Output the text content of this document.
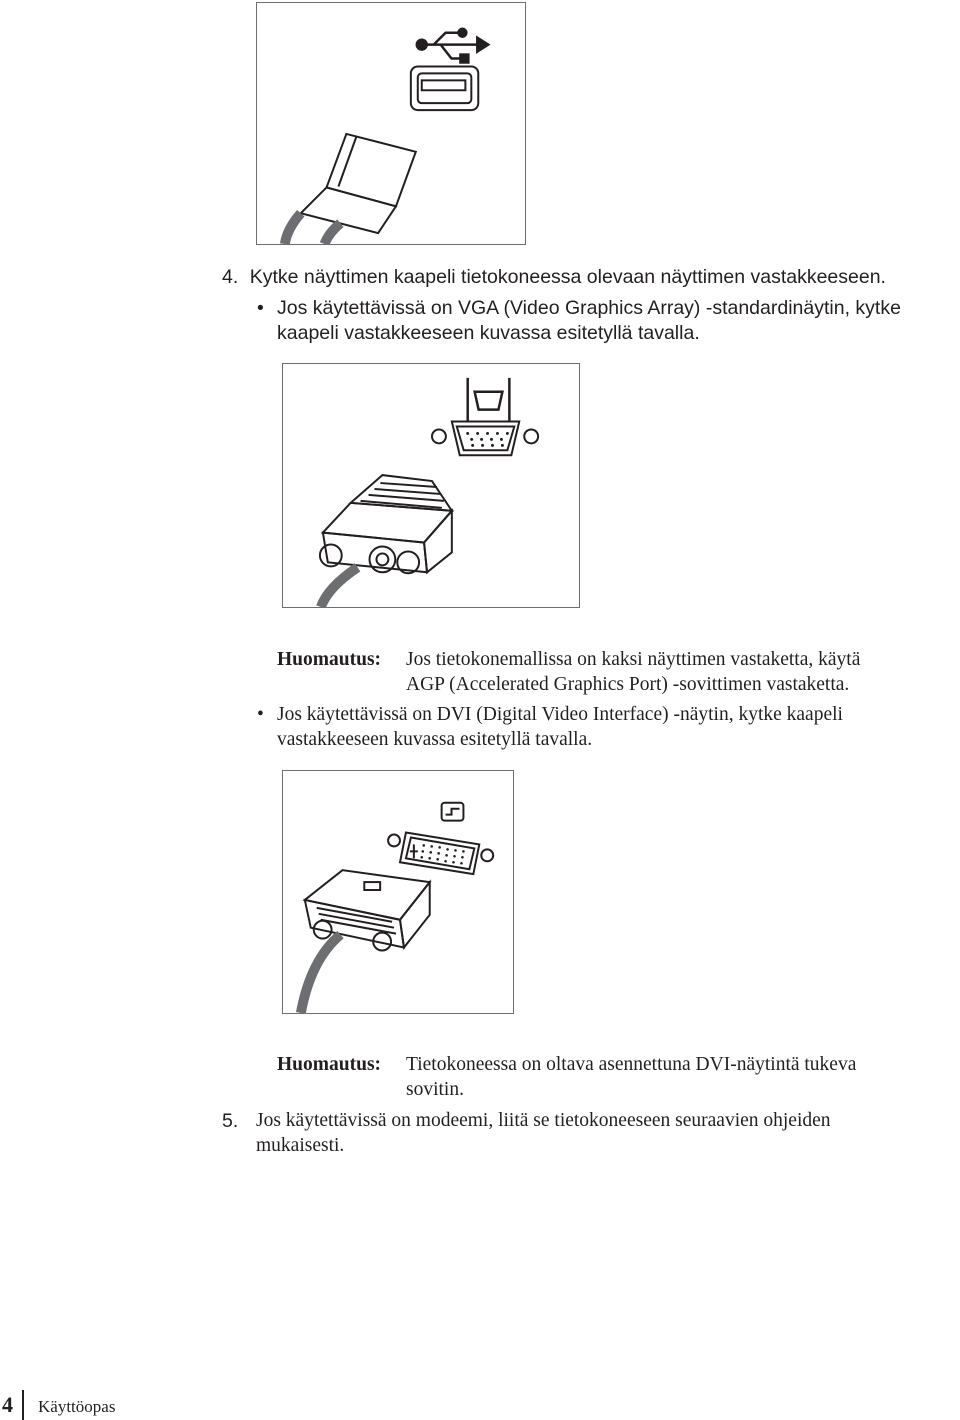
4. Kytke näyttimen kaapeli tietokoneessa olevaan näyttimen vastakkeeseen.
• Jos käytettävissä on VGA (Video Graphics Array) -standardinäytin, kytke
kaapeli vastakkeeseen kuvassa esitetyllä tavalla.
Huomautus: Jos tietokonemallissa on kaksi näyttimen vastaketta, käytä
AGP (Accelerated Graphics Port) -sovittimen vastaketta.
• Jos käytettävissä on DVI (Digital Video Interface) -näytin, kytke kaapeli
vastakkeeseen kuvassa esitetyllä tavalla.
Huomautus: Tietokoneessa on oltava asennettuna DVI-näytintä tukeva
sovitin.
5. Jos käytettävissä on modeemi, liitä se tietokoneeseen seuraavien ohjeiden
mukaisesti.
4 Käyttöopas
